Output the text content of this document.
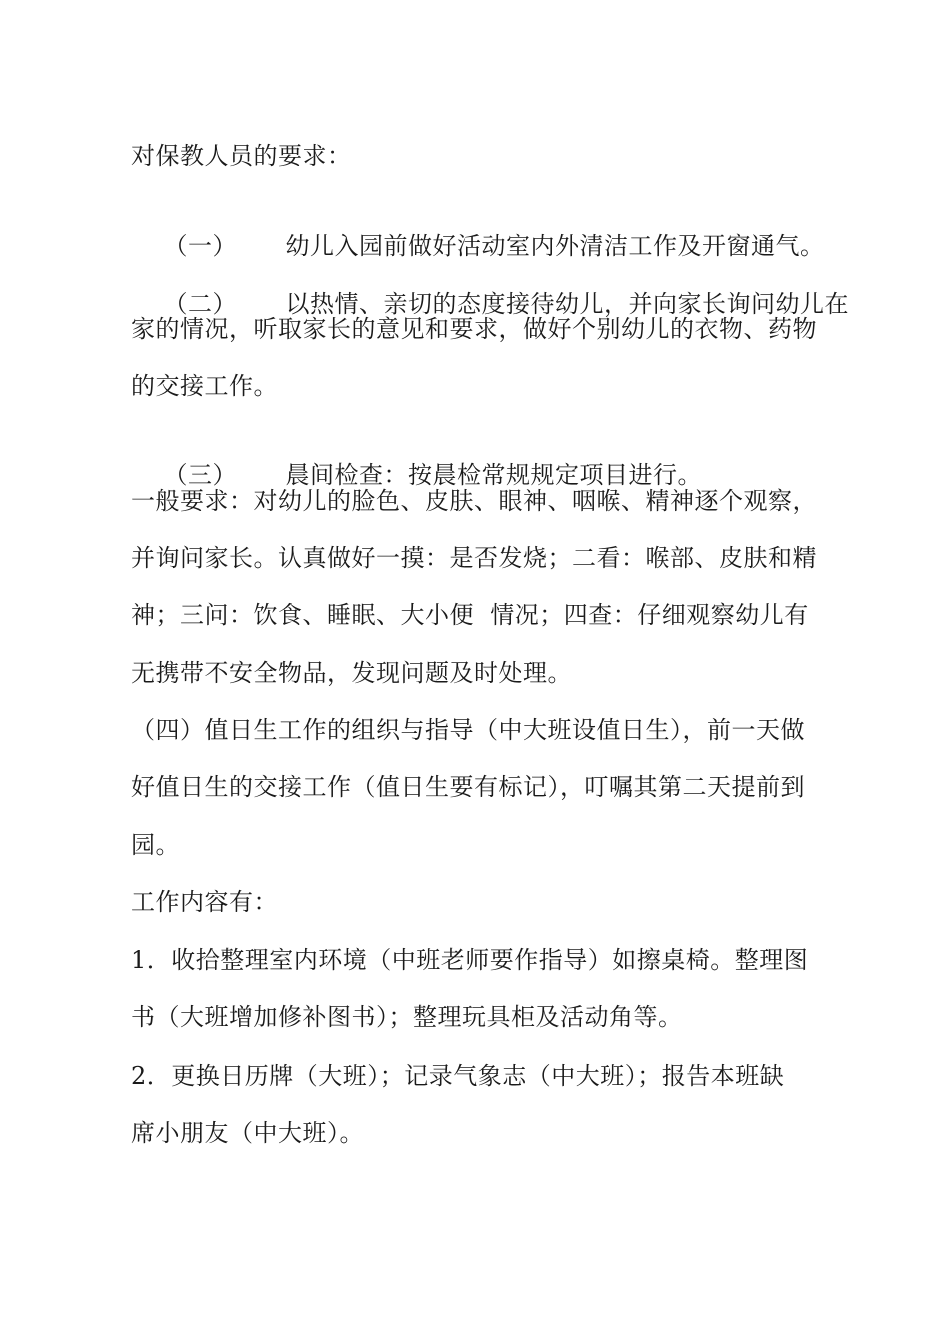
对保教人员的要求：

（一） 幼儿入园前做好活动室内外清洁工作及开窗通气。

（二） 以热情、亲切的态度接待幼儿，并向家长询问幼儿在

家的情况，听取家长的意见和要求，做好个别幼儿的衣物、药物
的交接工作。

（三） 晨间检查：按晨检常规规定项目进行。

一般要求：对幼儿的脸色、皮肤、眼神、咽喉、精神逐个观察，
并询问家长。认真做好一摸：是否发烧；二看：喉部、皮肤和精
神；三问：饮食、睡眠、大小便  情况；四查：仔细观察幼儿有
无携带不安全物品，发现问题及时处理。
（四）值日生工作的组织与指导（中大班设值日生），前一天做
好值日生的交接工作（值日生要有标记），叮嘱其第二天提前到
园。
工作内容有：
1．收拾整理室内环境（中班老师要作指导）如擦桌椅。整理图
书（大班增加修补图书）；整理玩具柜及活动角等。
2．更换日历牌（大班）；记录气象志（中大班）；报告本班缺
席小朋友（中大班）。
